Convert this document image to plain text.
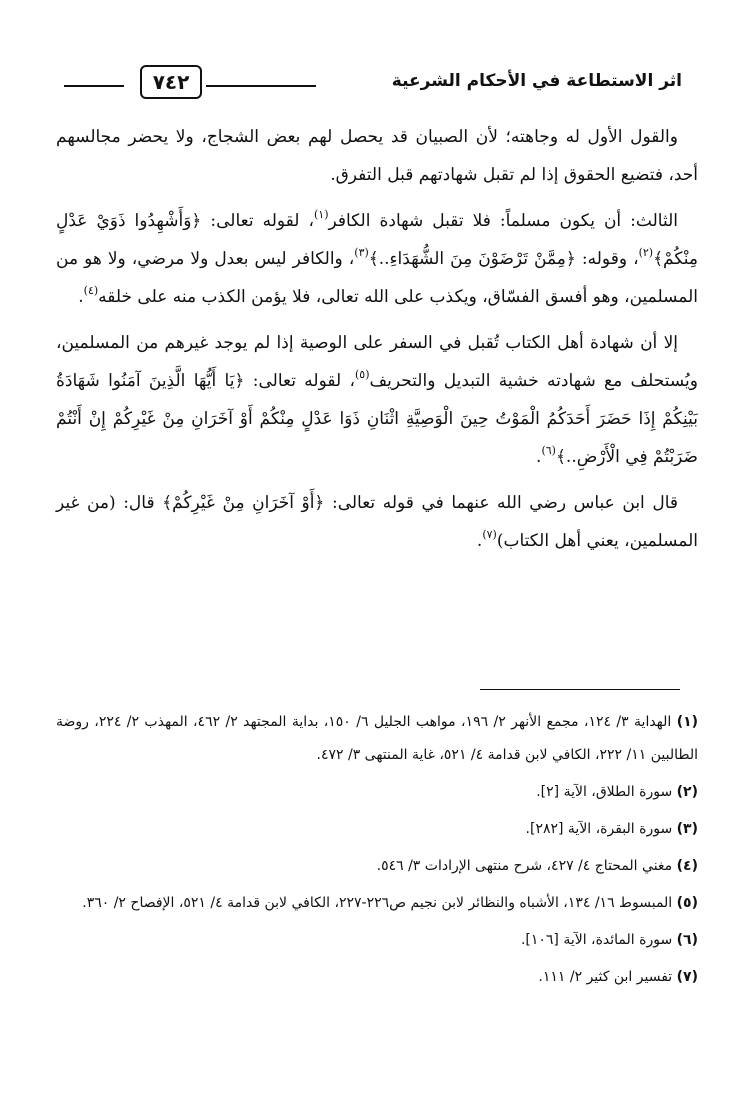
٧٤٢	اثر الاستطاعة في الأحكام الشرعية

والقول الأول له وجاهته؛ لأن الصبيان قد يحصل لهم بعض الشجاج، ولا يحضر مجالسهم أحد، فتضيع الحقوق إذا لم تقبل شهادتهم قبل التفرق.

الثالث: أن يكون مسلماً: فلا تقبل شهادة الكافر$^{(١)}$، لقوله تعالى: ﴿وَأَشْهِدُوا ذَوَيْ عَدْلٍ مِنْكُمْ﴾$^{(٢)}$، وقوله: ﴿مِمَّنْ تَرْضَوْنَ مِنَ الشُّهَدَاءِ..﴾$^{(٣)}$، والكافر ليس بعدل ولا مرضي، ولا هو من المسلمين، وهو أفسق الفسّاق، ويكذب على الله تعالى، فلا يؤمن الكذب منه على خلقه$^{(٤)}$.

إلا أن شهادة أهل الكتاب تُقبل في السفر على الوصية إذا لم يوجد غيرهم من المسلمين، ويُستحلف مع شهادته خشية التبديل والتحريف$^{(٥)}$، لقوله تعالى: ﴿يَا أَيُّهَا الَّذِينَ آمَنُوا شَهَادَةُ بَيْنِكُمْ إِذَا حَضَرَ أَحَدَكُمُ الْمَوْتُ حِينَ الْوَصِيَّةِ اثْنَانِ ذَوَا عَدْلٍ مِنْكُمْ أَوْ آخَرَانِ مِنْ غَيْرِكُمْ إِنْ أَنْتُمْ ضَرَبْتُمْ فِي الْأَرْضِ..﴾$^{(٦)}$.

قال ابن عباس رضي الله عنهما في قوله تعالى: ﴿أَوْ آخَرَانِ مِنْ غَيْرِكُمْ﴾ قال: (من غير المسلمين، يعني أهل الكتاب)$^{(٧)}$.

(١) الهداية ٣/ ١٢٤، مجمع الأنهر ٢/ ١٩٦، مواهب الجليل ٦/ ١٥٠، بداية المجتهد ٢/ ٤٦٢، المهذب ٢/ ٢٢٤، روضة الطالبين ١١/ ٢٢٢، الكافي لابن قدامة ٤/ ٥٢١، غاية المنتهى ٣/ ٤٧٢.
(٢) سورة الطلاق، الآية [٢].
(٣) سورة البقرة، الآية [٢٨٢].
(٤) مغني المحتاج ٤/ ٤٢٧، شرح منتهى الإرادات ٣/ ٥٤٦.
(٥) المبسوط ١٦/ ١٣٤، الأشباه والنظائر لابن نجيم ص٢٢٦-٢٢٧، الكافي لابن قدامة ٤/ ٥٢١، الإفصاح ٢/ ٣٦٠.
(٦) سورة المائدة، الآية [١٠٦].
(٧) تفسير ابن كثير ٢/ ١١١.
